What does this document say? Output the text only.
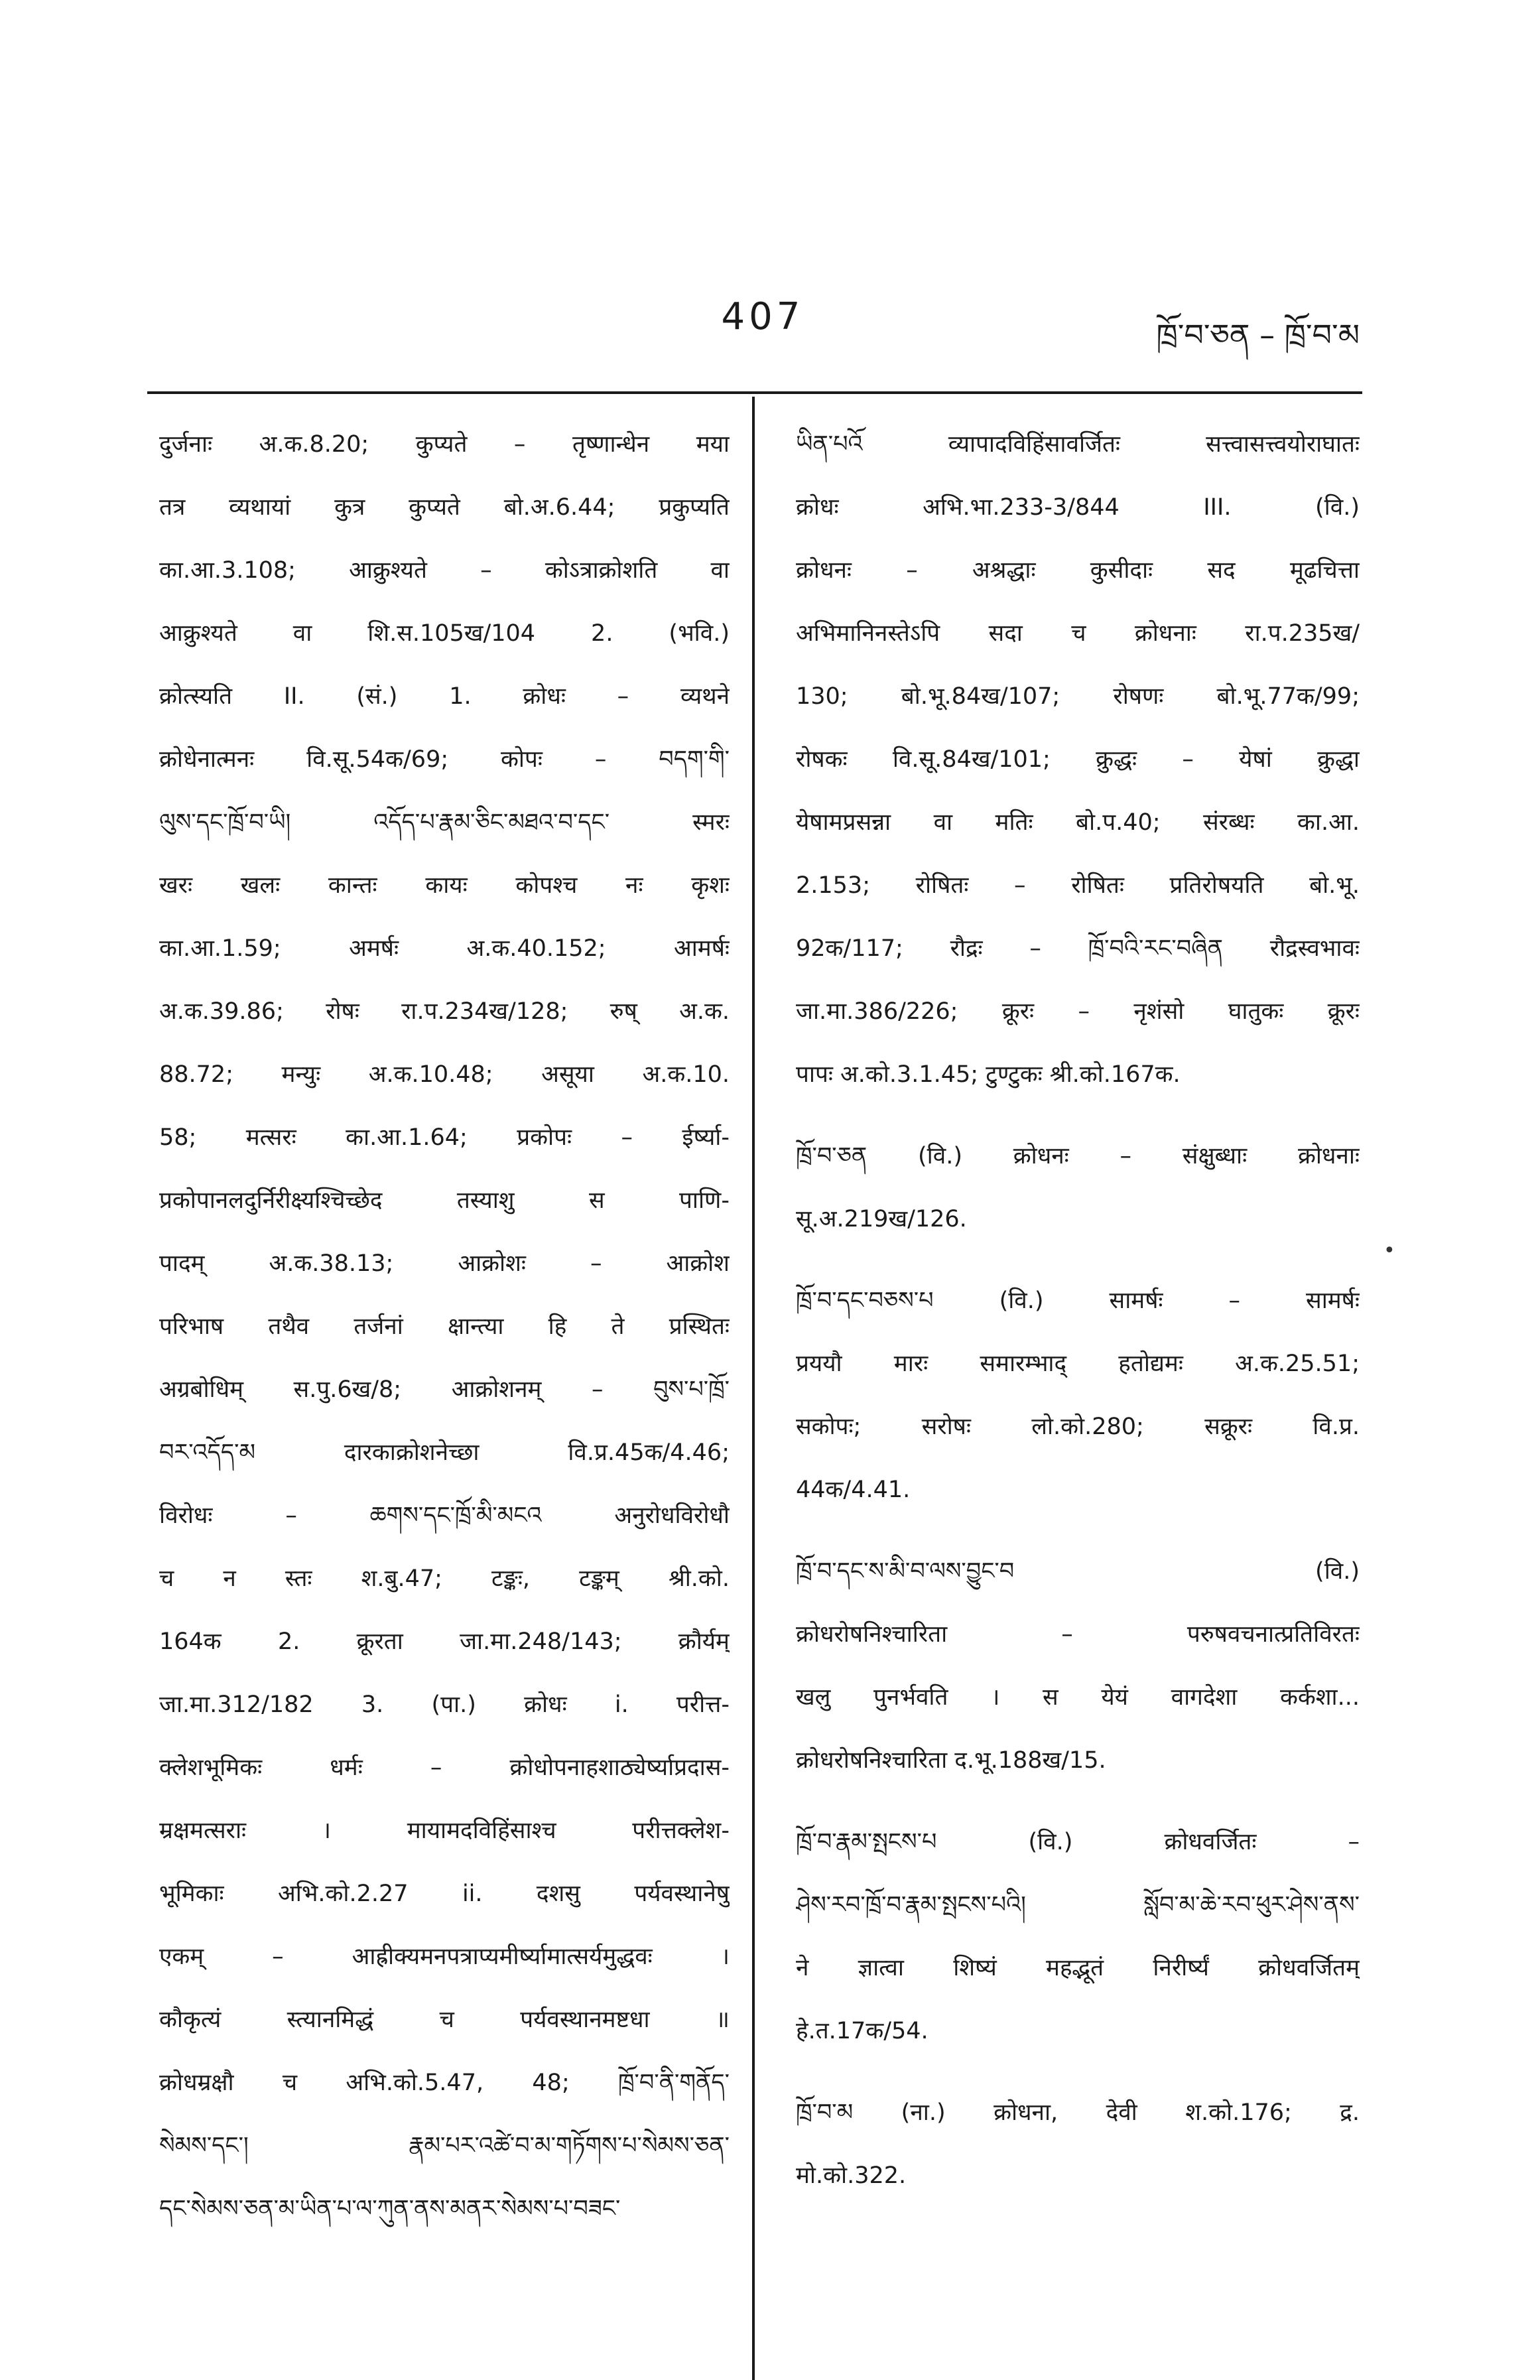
407	ཁྲོ་བ་ཅན – ཁྲོ་བ་མ
•
दुर्जनाः अ.क.8.20; कुप्यते – तृष्णान्धेन मया
तत्र व्यथायां कुत्र कुप्यते बो.अ.6.44; प्रकुप्यति
का.आ.3.108; आक्रुश्यते – कोऽत्राक्रोशति वा
आक्रुश्यते वा शि.स.105ख/104 2. (भवि.)
क्रोत्स्यति II. (सं.) 1. क्रोधः – व्यथने
क्रोधेनात्मनः वि.सू.54क/69; कोपः – བདག་གི་
ལུས་དང་ཁྲོ་བ་ཡི། འདོད་པ་རྣམ་ཅིང་མཐའ་བ་དང་ स्मरः
खरः खलः कान्तः कायः कोपश्च नः कृशः
का.आ.1.59; अमर्षः अ.क.40.152; आमर्षः
अ.क.39.86; रोषः रा.प.234ख/128; रुष् अ.क.
88.72; मन्युः अ.क.10.48; असूया अ.क.10.
58; मत्सरः का.आ.1.64; प्रकोपः – ईर्ष्या-
प्रकोपानलदुर्निरीक्ष्यश्चिच्छेद तस्याशु स पाणि-
पादम् अ.क.38.13; आक्रोशः – आक्रोश
परिभाष तथैव तर्जनां क्षान्त्या हि ते प्रस्थितः
अग्रबोधिम् स.पु.6ख/8; आक्रोशनम् – བུས་པ་ཁྲོ་
བར་འདོད་མ दारकाक्रोशनेच्छा वि.प्र.45क/4.46;
विरोधः – ཆགས་དང་ཁྲོ་མི་མངའ अनुरोधविरोधौ
च न स्तः श.बु.47; टङ्कः, टङ्कम् श्री.को.
164क 2. क्रूरता जा.मा.248/143; क्रौर्यम्
जा.मा.312/182 3. (पा.) क्रोधः i. परीत्त-
क्लेशभूमिकः धर्मः – क्रोधोपनाहशाठ्येर्ष्याप्रदास-
म्रक्षमत्सराः । मायामदविहिंसाश्च परीत्तक्लेश-
भूमिकाः अभि.को.2.27 ii. दशसु पर्यवस्थानेषु
एकम् – आह्रीक्यमनपत्राप्यमीर्ष्यामात्सर्यमुद्धवः ।
कौकृत्यं स्त्यानमिद्धं च पर्यवस्थानमष्टधा ॥
क्रोधम्रक्षौ च अभि.को.5.47, 48; ཁྲོ་བ་ནི་གནོད་
སེམས་དང་། རྣམ་པར་འཚེ་བ་མ་གཏོགས་པ་སེམས་ཅན་
དང་སེམས་ཅན་མ་ཡིན་པ་ལ་ཀུན་ནས་མནར་སེམས་པ་བཟང་
ཡིན་པའོ व्यापादविहिंसावर्जितः सत्त्वासत्त्वयोराघातः
क्रोधः अभि.भा.233-3/844 III. (वि.)
क्रोधनः – अश्रद्धाः कुसीदाः सद मूढचित्ता
अभिमानिनस्तेऽपि सदा च क्रोधनाः रा.प.235ख/
130; बो.भू.84ख/107; रोषणः बो.भू.77क/99;
रोषकः वि.सू.84ख/101; क्रुद्धः – येषां क्रुद्धा
येषामप्रसन्ना वा मतिः बो.प.40; संरब्धः का.आ.
2.153; रोषितः – रोषितः प्रतिरोषयति बो.भू.
92क/117; रौद्रः – ཁྲོ་བའི་རང་བཞིན रौद्रस्वभावः
जा.मा.386/226; क्रूरः – नृशंसो घातुकः क्रूरः
पापः अ.को.3.1.45; टुण्टुकः श्री.को.167क.
ཁྲོ་བ་ཅན (वि.) क्रोधनः – संक्षुब्धाः क्रोधनाः
सू.अ.219ख/126.
ཁྲོ་བ་དང་བཅས་པ (वि.) सामर्षः – सामर्षः
प्रययौ मारः समारम्भाद् हतोद्यमः अ.क.25.51;
सकोपः; सरोषः लो.को.280; सक्रूरः वि.प्र.
44क/4.41.
ཁྲོ་བ་དང་ས་མི་བ་ལས་བྱུང་བ (वि.)
क्रोधरोषनिश्चारिता – परुषवचनात्प्रतिविरतः
खलु पुनर्भवति । स येयं वागदेशा कर्कशा...
क्रोधरोषनिश्चारिता द.भू.188ख/15.
ཁྲོ་བ་རྣམ་སྤངས་པ (वि.) क्रोधवर्जितः –
ཤེས་རབ་ཁྲོ་བ་རྣམ་སྤངས་པའི། སློབ་མ་ཆེ་རབ་ཕུར་ཤེས་ནས་
ने ज्ञात्वा शिष्यं महद्भूतं निरीर्ष्यं क्रोधवर्जितम्
हे.त.17क/54.
ཁྲོ་བ་མ (ना.) क्रोधना, देवी श.को.176; द्र.
मो.को.322.
